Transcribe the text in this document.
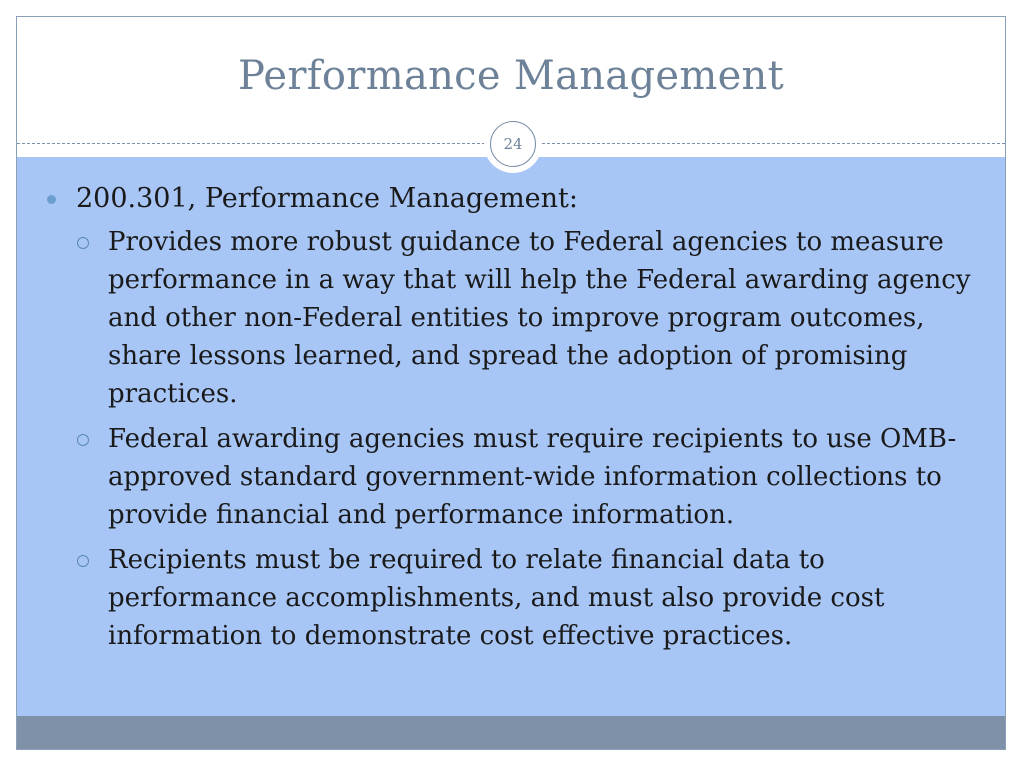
Performance Management
24
200.301, Performance Management:
Provides more robust guidance to Federal agencies to measure performance in a way that will help the Federal awarding agency and other non-Federal entities to improve program outcomes, share lessons learned, and spread the adoption of promising practices.
Federal awarding agencies must require recipients to use OMB-approved standard government-wide information collections to provide financial and performance information.
Recipients must be required to relate financial data to performance accomplishments, and must also provide cost information to demonstrate cost effective practices.
